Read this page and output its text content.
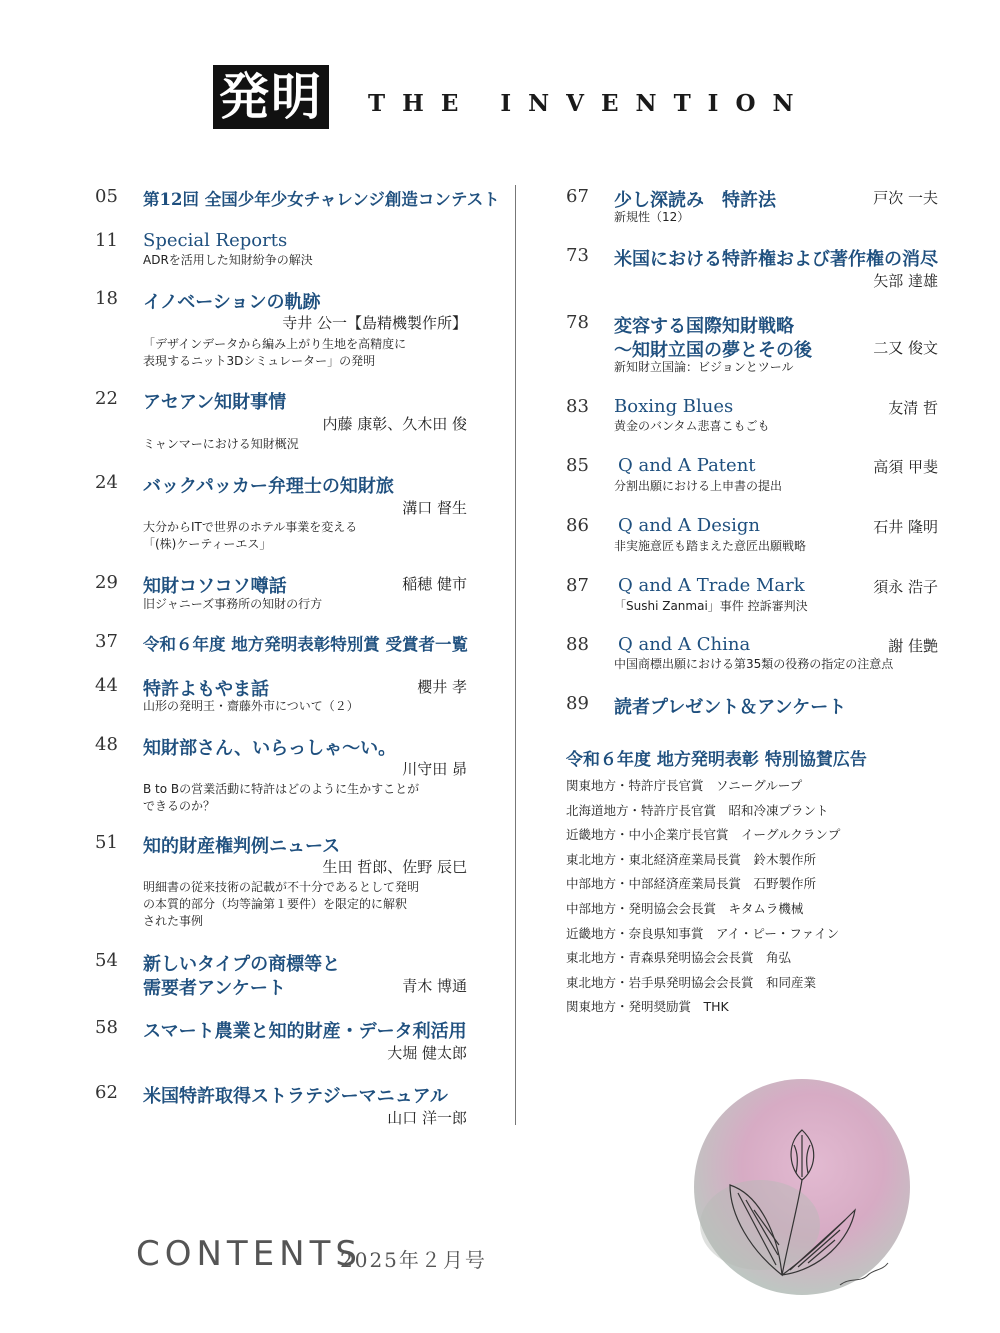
発明 THE INVENTION
05 第12回 全国少年少女チャレンジ創造コンテスト
11 Special Reports
ADRを活用した知財紛争の解決
18 イノベーションの軌跡
寺井 公一【島精機製作所】
「デザインデータから編み上がり生地を高精度に
表現するニット3Dシミュレーター」の発明
22 アセアン知財事情
内藤 康彰、久木田 俊
ミャンマーにおける知財概況
24 バックパッカー弁理士の知財旅
溝口 督生
大分からITで世界のホテル事業を変える
「(株)ケーティーエス」
29 知財コソコソ噂話	稲穂 健市
旧ジャニーズ事務所の知財の行方
37 令和６年度 地方発明表彰特別賞 受賞者一覧
44 特許よもやま話	櫻井 孝
山形の発明王・齋藤外市について（２）
48 知財部さん、いらっしゃ〜い。
川守田 昴
B to Bの営業活動に特許はどのように生かすことが
できるのか？
51 知的財産権判例ニュース
生田 哲郎、佐野 辰巳
明細書の従来技術の記載が不十分であるとして発明
の本質的部分（均等論第１要件）を限定的に解釈
された事例
54 新しいタイプの商標等と
需要者アンケート	青木 博通
58 スマート農業と知的財産・データ利活用
大堀 健太郎
62 米国特許取得ストラテジーマニュアル
山口 洋一郎
67 少し深読み　特許法	戸次 一夫
新規性（12）
73 米国における特許権および著作権の消尽
矢部 達雄
78 変容する国際知財戦略
〜知財立国の夢とその後	二又 俊文
新知財立国論：ビジョンとツール
83 Boxing Blues	友清 哲
黄金のバンタム悲喜こもごも
85 Q and A Patent	高須 甲斐
分割出願における上申書の提出
86 Q and A Design	石井 隆明
非実施意匠も踏まえた意匠出願戦略
87 Q and A Trade Mark	須永 浩子
「Sushi Zanmai」事件 控訴審判決
88 Q and A China	謝 佳艶
中国商標出願における第35類の役務の指定の注意点
89 読者プレゼント＆アンケート
令和６年度 地方発明表彰 特別協賛広告
関東地方・特許庁長官賞　ソニーグループ
北海道地方・特許庁長官賞　昭和冷凍プラント
近畿地方・中小企業庁長官賞　イーグルクランプ
東北地方・東北経済産業局長賞　鈴木製作所
中部地方・中部経済産業局長賞　石野製作所
中部地方・発明協会会長賞　キタムラ機械
近畿地方・奈良県知事賞　アイ・ピー・ファイン
東北地方・青森県発明協会会長賞　角弘
東北地方・岩手県発明協会会長賞　和同産業
関東地方・発明奨励賞　THK
CONTENTS
2025年２月号
